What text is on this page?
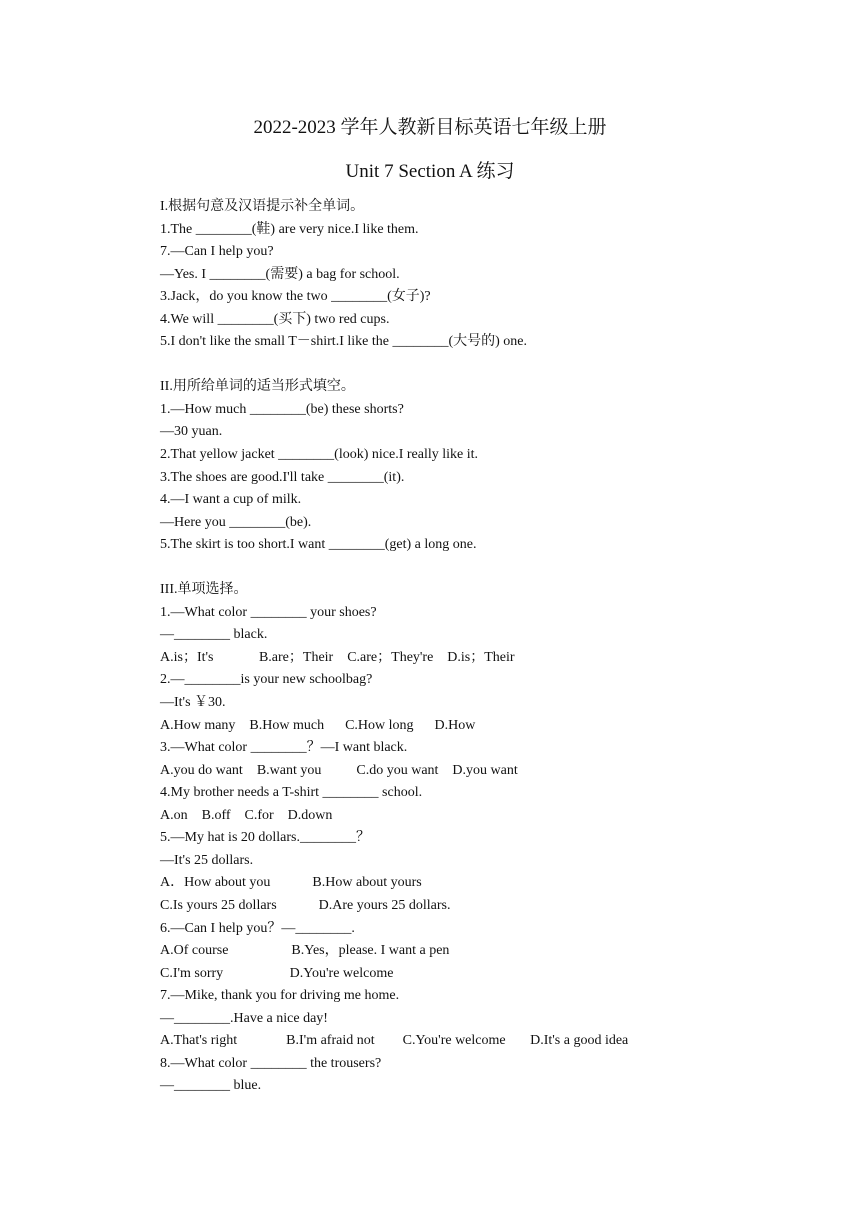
2022-2023 学年人教新目标英语七年级上册
Unit 7 Section A 练习
I.根据句意及汉语提示补全单词。
1.The ________(鞋) are very nice.I like them.
7.—Can I help you?
—Yes. I ________(需要) a bag for school.
3.Jack，do you know the two ________(女子)?
4.We will ________(买下) two red cups.
5.I don't like the small T－shirt.I like the ________(大号的) one.
II.用所给单词的适当形式填空。
1.—How much ________(be) these shorts?
—30 yuan.
2.That yellow jacket ________(look) nice.I really like it.
3.The shoes are good.I'll take ________(it).
4.—I want a cup of milk.
—Here you ________(be).
5.The skirt is too short.I want ________(get) a long one.
III.单项选择。
1.—What color ________ your shoes?
—________ black.
A.is；It's             B.are；Their    C.are；They're    D.is；Their
2.—________is your new schoolbag?
—It's ￥30.
A.How many    B.How much      C.How long      D.How
3.—What color ________？—I want black.
A.you do want    B.want you          C.do you want    D.you want
4.My brother needs a T-shirt ________ school.
A.on    B.off    C.for    D.down
5.—My hat is 20 dollars.________？
—It's 25 dollars.
A．How about you            B.How about yours
C.Is yours 25 dollars            D.Are yours 25 dollars.
6.—Can I help you？—________.
A.Of course                  B.Yes，please. I want a pen
C.I'm sorry                   D.You're welcome
7.—Mike, thank you for driving me home.
—________.Have a nice day!
A.That's right              B.I'm afraid not        C.You're welcome       D.It's a good idea
8.—What color ________ the trousers?
—________ blue.
